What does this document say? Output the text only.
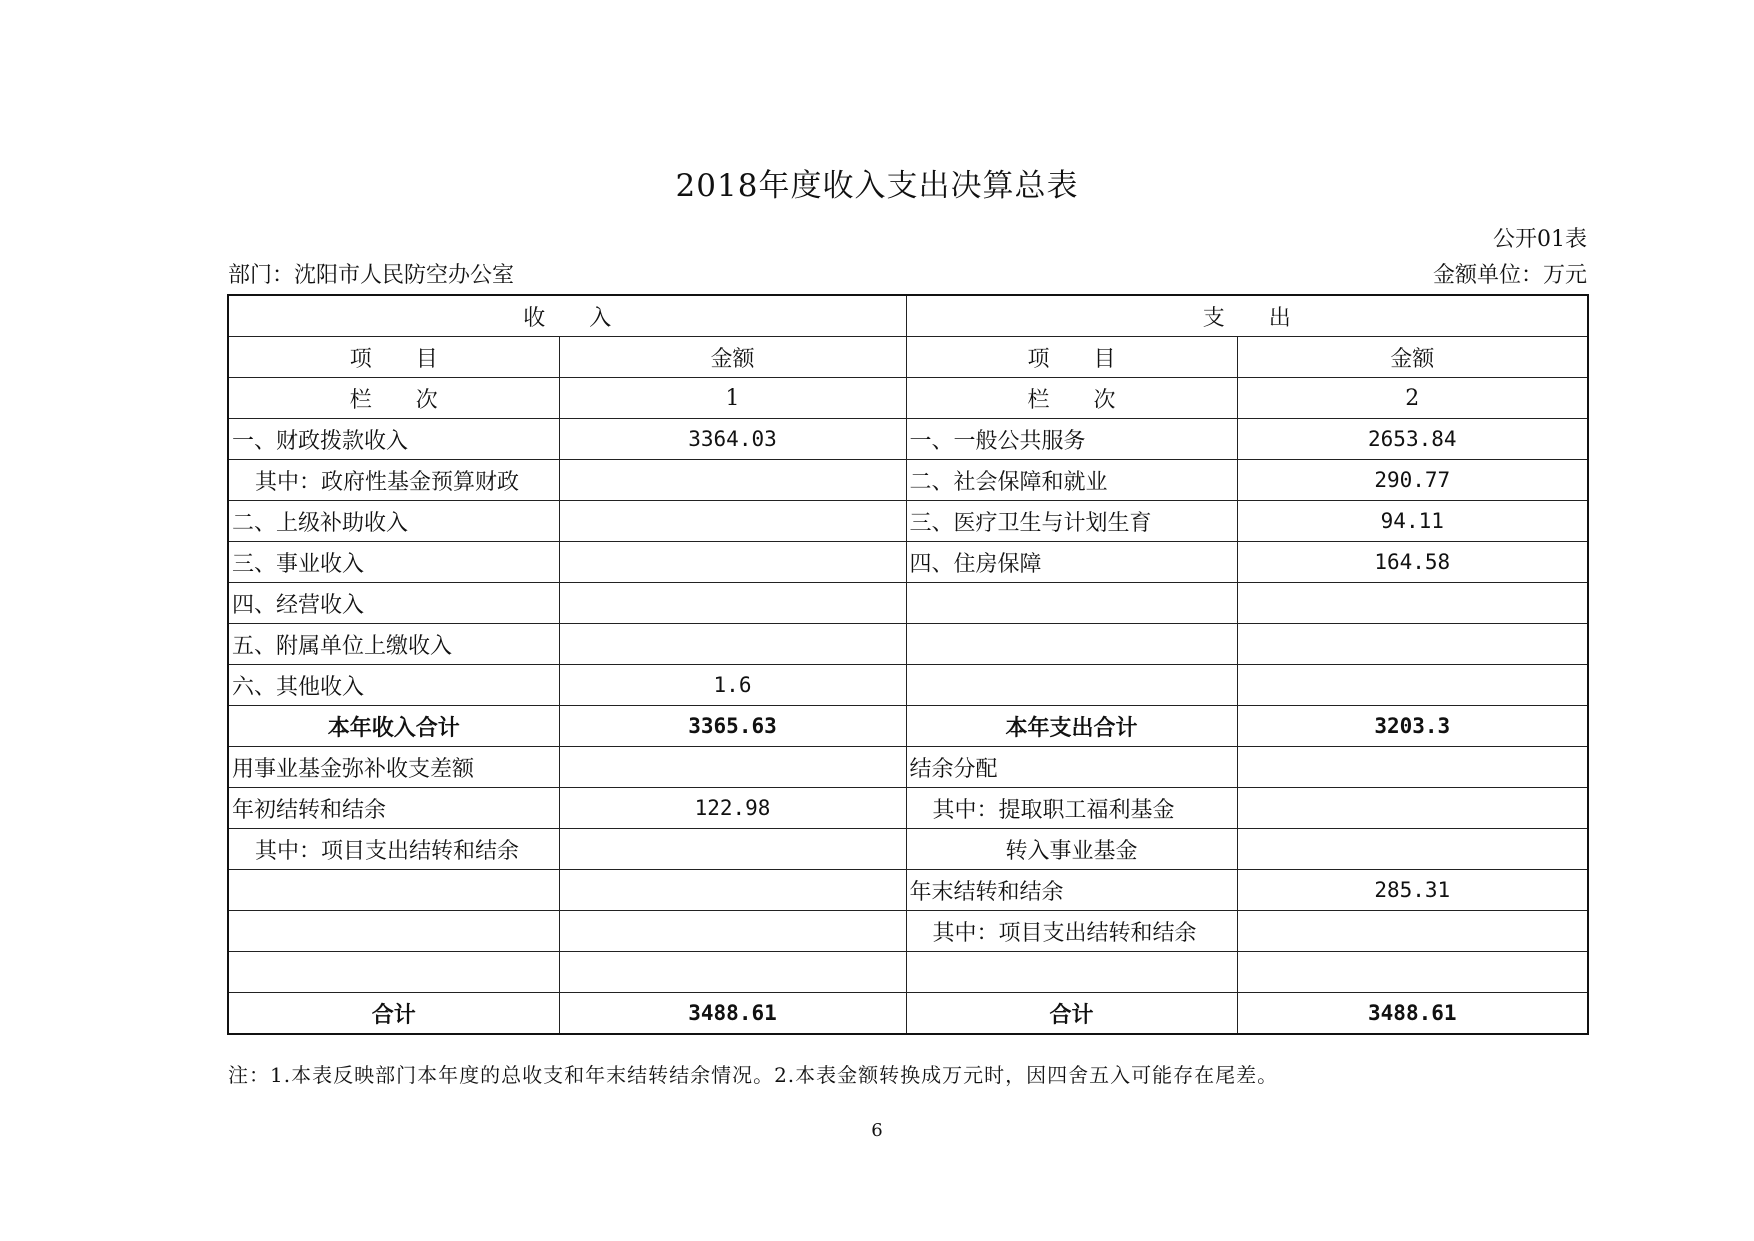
2018年度收入支出决算总表
公开01表
部门：沈阳市人民防空办公室	金额单位：万元
收　　入		支　　出	
项　　目	金额	项　　目	金额
栏　　次	1	栏　　次	2
一、财政拨款收入	3364.03	一、一般公共服务	2653.84
其中：政府性基金预算财政		二、社会保障和就业	290.77
二、上级补助收入		三、医疗卫生与计划生育	94.11
三、事业收入		四、住房保障	164.58
四、经营收入			
五、附属单位上缴收入			
六、其他收入	1.6		
本年收入合计	3365.63	本年支出合计	3203.3
用事业基金弥补收支差额		结余分配	
年初结转和结余	122.98	其中：提取职工福利基金	
其中：项目支出结转和结余		转入事业基金	
		年末结转和结余	285.31
		其中：项目支出结转和结余	

合计	3488.61	合计	3488.61
注：1.本表反映部门本年度的总收支和年末结转结余情况。2.本表金额转换成万元时，因四舍五入可能存在尾差。
6
